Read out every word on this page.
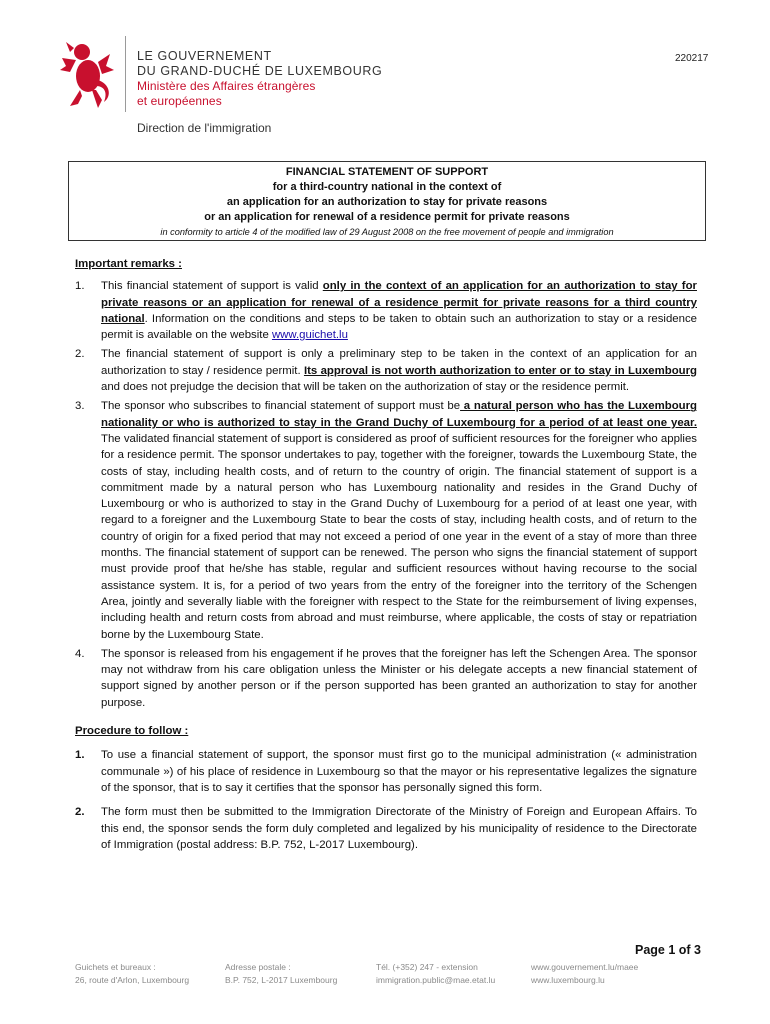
LE GOUVERNEMENT
DU GRAND-DUCHÉ DE LUXEMBOURG
Ministère des Affaires étrangères
et européennes
Direction de l'immigration
220217
FINANCIAL STATEMENT OF SUPPORT
for a third-country national in the context of
an application for an authorization to stay for private reasons
or an application for renewal of a residence permit for private reasons
in conformity to article 4 of the modified law of 29 August 2008 on the free movement of people and immigration
Important remarks :
1. This financial statement of support is valid only in the context of an application for an authorization to stay for private reasons or an application for renewal of a residence permit for private reasons for a third country national. Information on the conditions and steps to be taken to obtain such an authorization to stay or a residence permit is available on the website www.guichet.lu
2. The financial statement of support is only a preliminary step to be taken in the context of an application for an authorization to stay / residence permit. Its approval is not worth authorization to enter or to stay in Luxembourg and does not prejudge the decision that will be taken on the authorization of stay or the residence permit.
3. The sponsor who subscribes to financial statement of support must be a natural person who has the Luxembourg nationality or who is authorized to stay in the Grand Duchy of Luxembourg for a period of at least one year. The validated financial statement of support is considered as proof of sufficient resources for the foreigner who applies for a residence permit. The sponsor undertakes to pay, together with the foreigner, towards the Luxembourg State, the costs of stay, including health costs, and of return to the country of origin. The financial statement of support is a commitment made by a natural person who has Luxembourg nationality and resides in the Grand Duchy of Luxembourg or who is authorized to stay in the Grand Duchy of Luxembourg for a period of at least one year, with regard to a foreigner and the Luxembourg State to bear the costs of stay, including health costs, and of return to the country of origin for a fixed period that may not exceed a period of one year in the event of a stay of more than three months. The financial statement of support can be renewed. The person who signs the financial statement of support must provide proof that he/she has stable, regular and sufficient resources without having recourse to the social assistance system. It is, for a period of two years from the entry of the foreigner into the territory of the Schengen Area, jointly and severally liable with the foreigner with respect to the State for the reimbursement of living expenses, including health and return costs from abroad and must reimburse, where applicable, the costs of stay or repatriation borne by the Luxembourg State.
4. The sponsor is released from his engagement if he proves that the foreigner has left the Schengen Area. The sponsor may not withdraw from his care obligation unless the Minister or his delegate accepts a new financial statement of support signed by another person or if the person supported has been granted an authorization to stay for another purpose.
Procedure to follow :
1. To use a financial statement of support, the sponsor must first go to the municipal administration (« administration communale ») of his place of residence in Luxembourg so that the mayor or his representative legalizes the signature of the sponsor, that is to say it certifies that the sponsor has personally signed this form.
2. The form must then be submitted to the Immigration Directorate of the Ministry of Foreign and European Affairs. To this end, the sponsor sends the form duly completed and legalized by his municipality of residence to the Directorate of Immigration (postal address: B.P. 752, L-2017 Luxembourg).
Page 1 of 3
Guichets et bureaux :
26, route d'Arlon, Luxembourg
Adresse postale :
B.P. 752, L-2017 Luxembourg
Tél. (+352) 247 - extension
immigration.public@mae.etat.lu
www.gouvernement.lu/maee
www.luxembourg.lu
